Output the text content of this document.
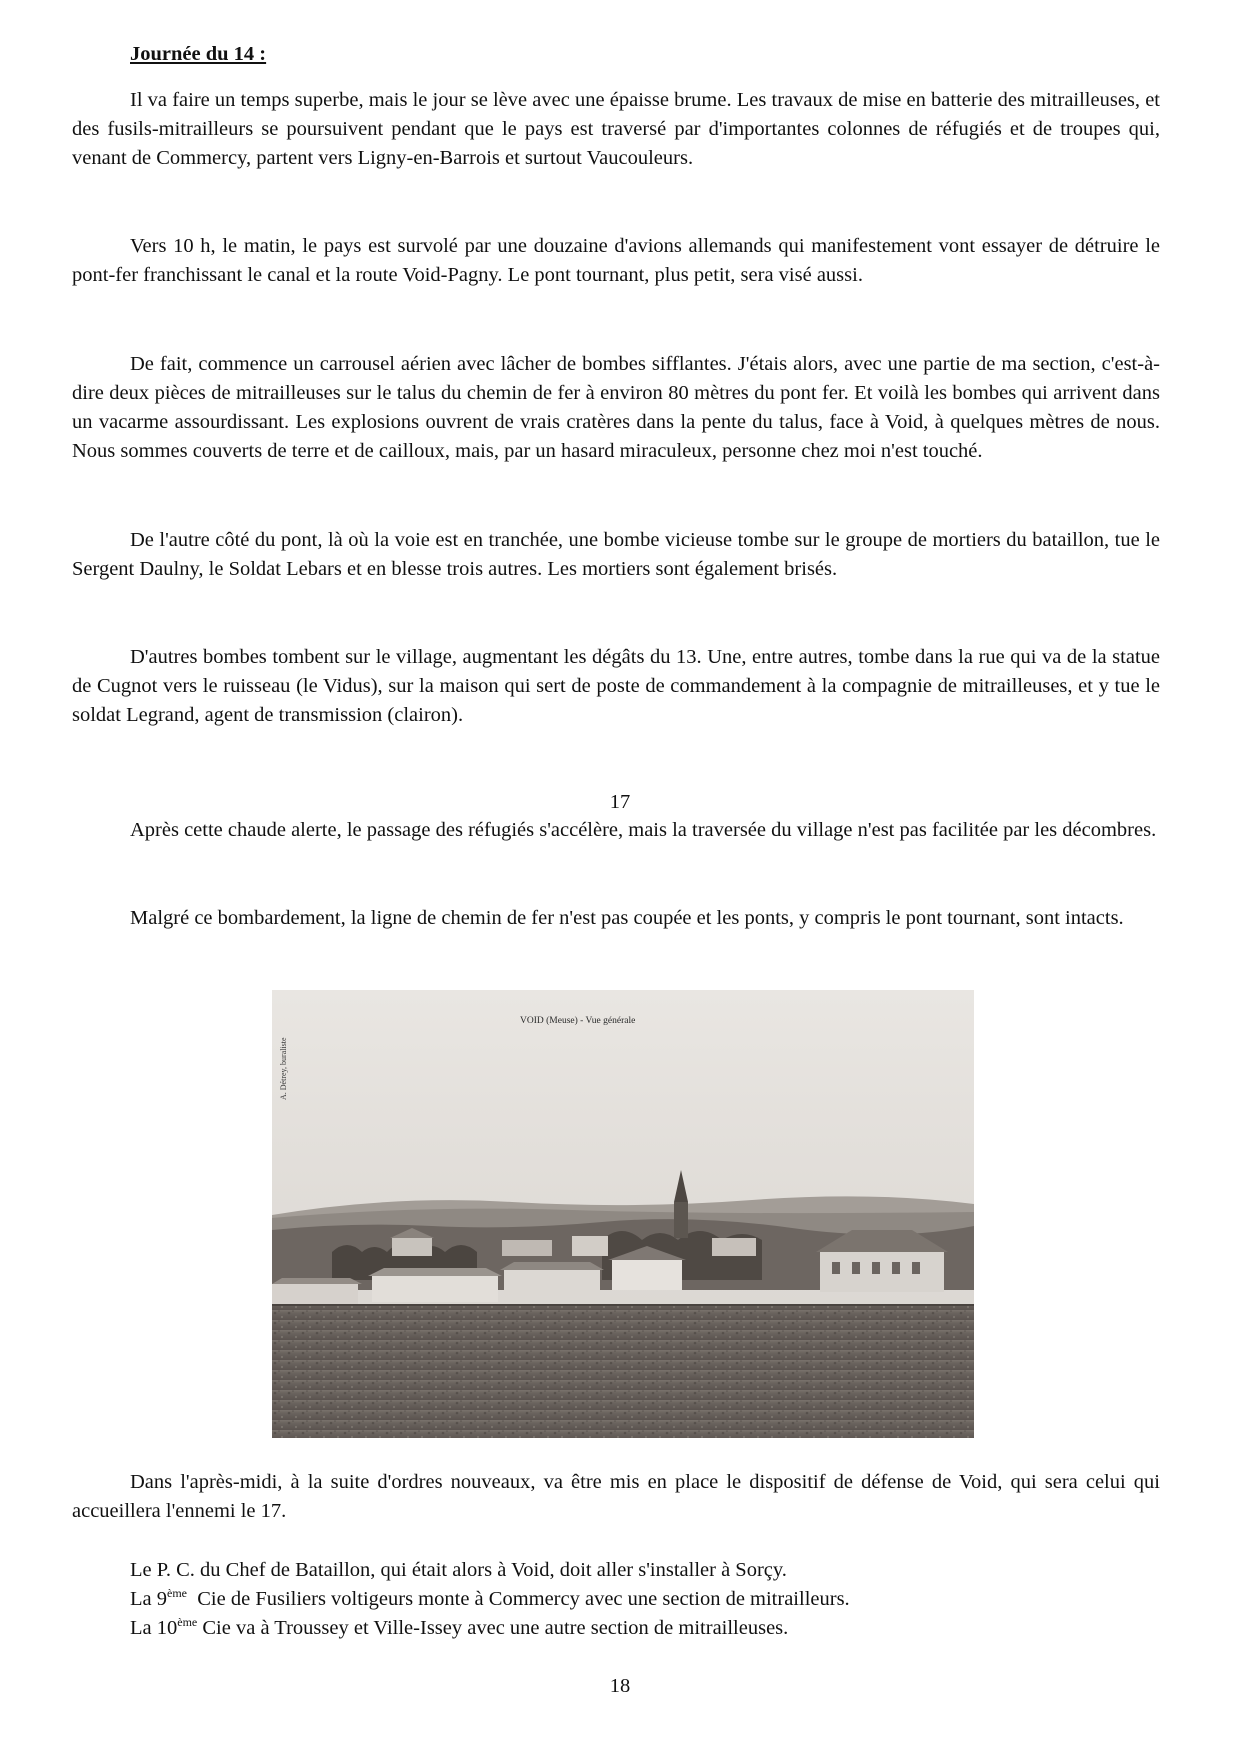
Journée du 14 :

Il va faire un temps superbe, mais le jour se lève avec une épaisse brume. Les travaux de mise en batterie des mitrailleuses, et des fusils-mitrailleurs se poursuivent pendant que le pays est traversé par d'importantes colonnes de réfugiés et de troupes qui, venant de Commercy, partent vers Ligny-en-Barrois et surtout Vaucouleurs.

Vers 10 h, le matin, le pays est survolé par une douzaine d'avions allemands qui manifestement vont essayer de détruire le pont-fer franchissant le canal et la route Void-Pagny. Le pont tournant, plus petit, sera visé aussi.

De fait, commence un carrousel aérien avec lâcher de bombes sifflantes. J'étais alors, avec une partie de ma section, c'est-à-dire deux pièces de mitrailleuses sur le talus du chemin de fer à environ 80 mètres du pont fer. Et voilà les bombes qui arrivent dans un vacarme assourdissant. Les explosions ouvrent de vrais cratères dans la pente du talus, face à Void, à quelques mètres de nous. Nous sommes couverts de terre et de cailloux, mais, par un hasard miraculeux, personne chez moi n'est touché.

De l'autre côté du pont, là où la voie est en tranchée, une bombe vicieuse tombe sur le groupe de mortiers du bataillon, tue le Sergent Daulny, le Soldat Lebars et en blesse trois autres. Les mortiers sont également brisés.

D'autres bombes tombent sur le village, augmentant les dégâts du 13. Une, entre autres, tombe dans la rue qui va de la statue de Cugnot vers le ruisseau (le Vidus), sur la maison qui sert de poste de commandement à la compagnie de mitrailleuses, et y tue le soldat Legrand, agent de transmission (clairon).

17

Après cette chaude alerte, le passage des réfugiés s'accélère, mais la traversée du village n'est pas facilitée par les décombres.

Malgré ce bombardement, la ligne de chemin de fer n'est pas coupée et les ponts, y compris le pont tournant, sont intacts.

VOID (Meuse) - Vue générale
A. Détrey, buraliste

Dans l'après-midi, à la suite d'ordres nouveaux, va être mis en place le dispositif de défense de Void, qui sera celui qui accueillera l'ennemi le 17.

Le P. C. du Chef de Bataillon, qui était alors à Void, doit aller s'installer à Sorçy.
La 9ème  Cie de Fusiliers voltigeurs monte à Commercy avec une section de mitrailleurs.
La 10ème Cie va à Troussey et Ville-Issey avec une autre section de mitrailleuses.
18
